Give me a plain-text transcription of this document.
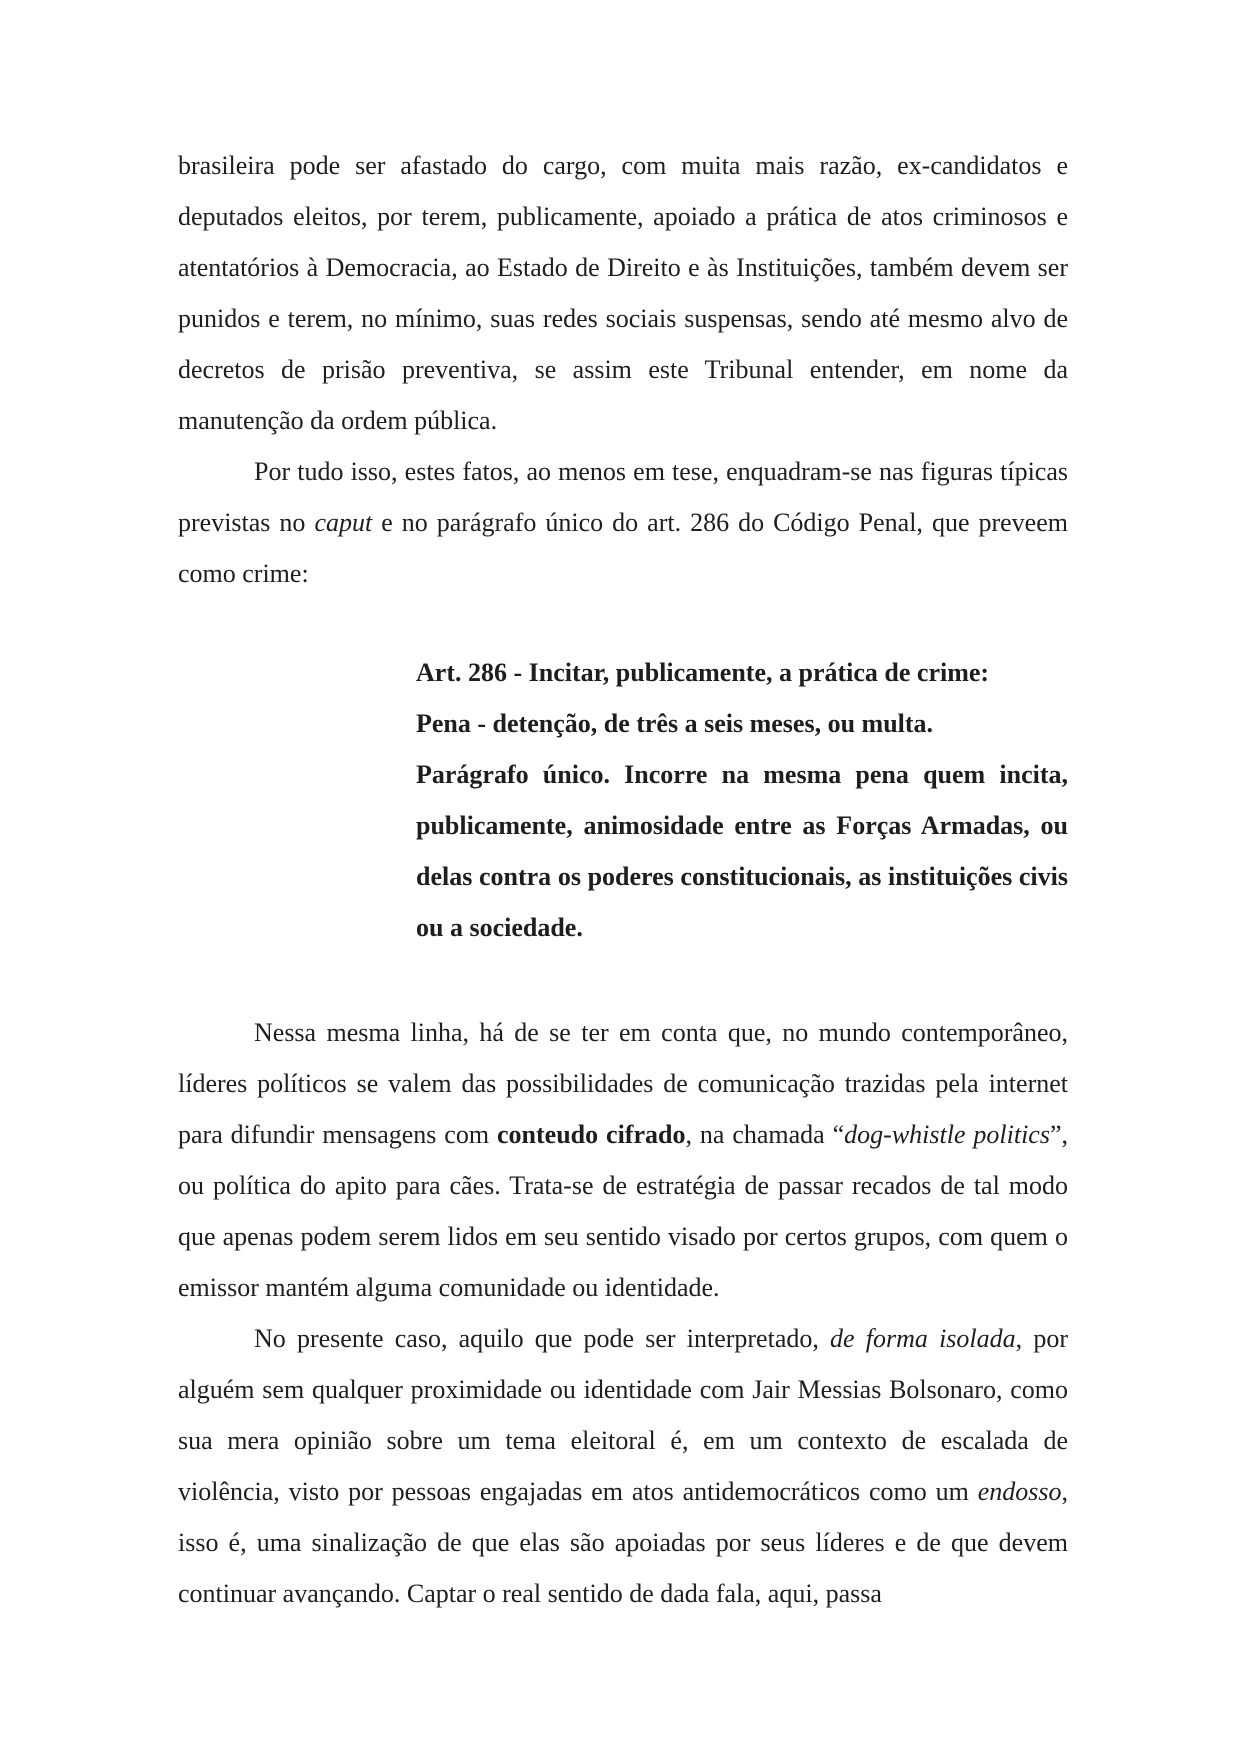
brasileira pode ser afastado do cargo, com muita mais razão, ex-candidatos e deputados eleitos, por terem, publicamente, apoiado a prática de atos criminosos e atentatórios à Democracia, ao Estado de Direito e às Instituições, também devem ser punidos e terem, no mínimo, suas redes sociais suspensas, sendo até mesmo alvo de decretos de prisão preventiva, se assim este Tribunal entender, em nome da manutenção da ordem pública.

Por tudo isso, estes fatos, ao menos em tese, enquadram-se nas figuras típicas previstas no caput e no parágrafo único do art. 286 do Código Penal, que preveem como crime:

Art. 286 - Incitar, publicamente, a prática de crime:

Pena - detenção, de três a seis meses, ou multa.

Parágrafo único. Incorre na mesma pena quem incita, publicamente, animosidade entre as Forças Armadas, ou delas contra os poderes constitucionais, as instituições civis ou a sociedade.

Nessa mesma linha, há de se ter em conta que, no mundo contemporâneo, líderes políticos se valem das possibilidades de comunicação trazidas pela internet para difundir mensagens com conteudo cifrado, na chamada “dog-whistle politics”, ou política do apito para cães. Trata-se de estratégia de passar recados de tal modo que apenas podem serem lidos em seu sentido visado por certos grupos, com quem o emissor mantém alguma comunidade ou identidade.

No presente caso, aquilo que pode ser interpretado, de forma isolada, por alguém sem qualquer proximidade ou identidade com Jair Messias Bolsonaro, como sua mera opinião sobre um tema eleitoral é, em um contexto de escalada de violência, visto por pessoas engajadas em atos antidemocráticos como um endosso, isso é, uma sinalização de que elas são apoiadas por seus líderes e de que devem continuar avançando. Captar o real sentido de dada fala, aqui, passa
